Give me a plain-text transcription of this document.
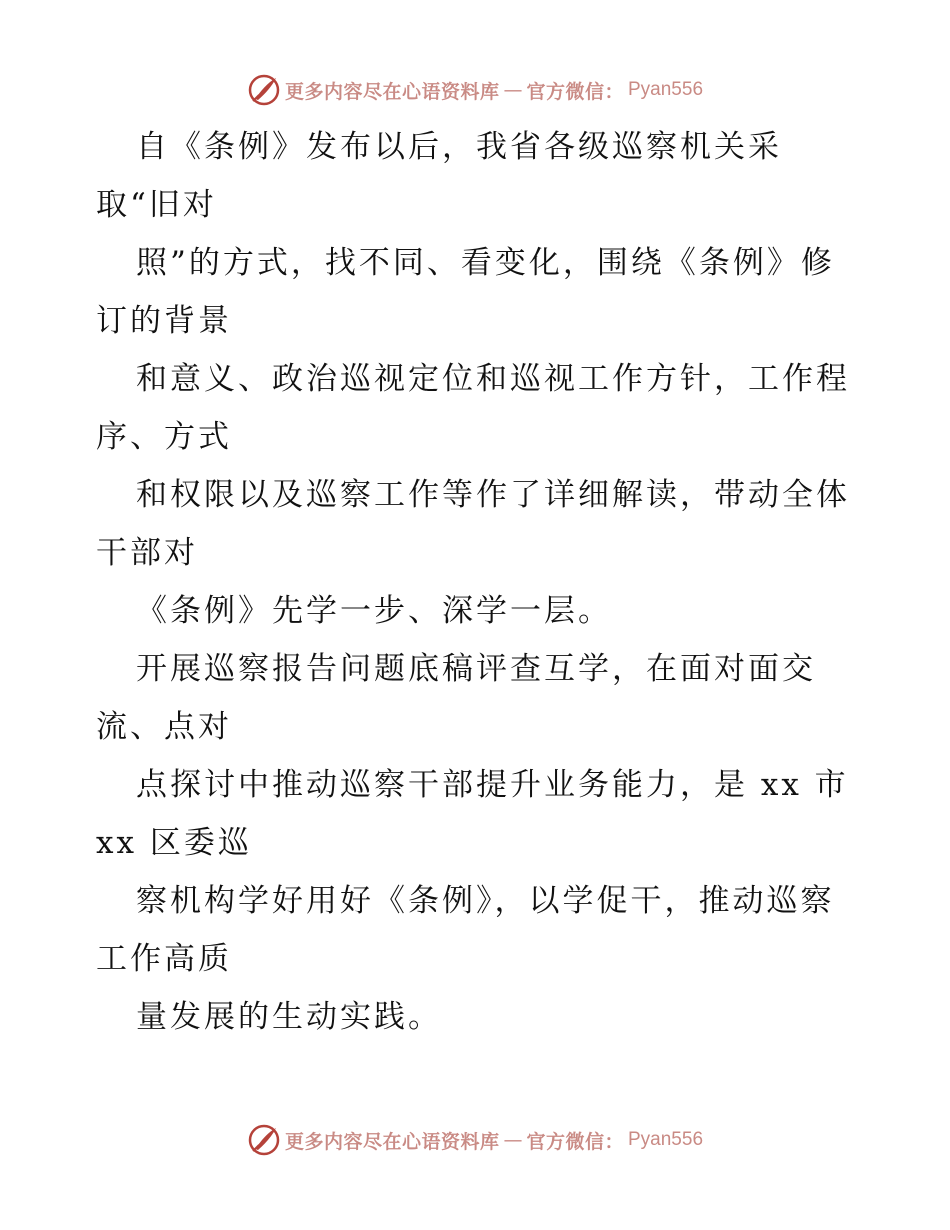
更多内容尽在心语资料库 — 官方微信： Pyan556
自《条例》发布以后，我省各级巡察机关采
取“旧对
照”的方式，找不同、看变化，围绕《条例》修
订的背景
和意义、政治巡视定位和巡视工作方针，工作程
序、方式
和权限以及巡察工作等作了详细解读，带动全体
干部对
《条例》先学一步、深学一层。
开展巡察报告问题底稿评查互学，在面对面交
流、点对
点探讨中推动巡察干部提升业务能力，是 xx 市
xx 区委巡
察机构学好用好《条例》，以学促干，推动巡察
工作高质
量发展的生动实践。
更多内容尽在心语资料库 — 官方微信： Pyan556
